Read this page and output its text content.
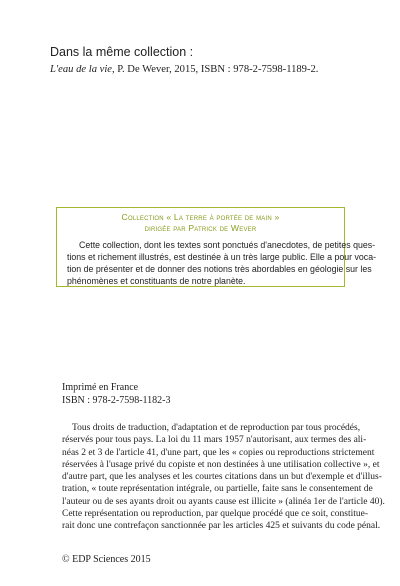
Dans la même collection :
L'eau de la vie, P. De Wever, 2015, ISBN : 978-2-7598-1189-2.
Collection « La terre à portée de main »
dirigée par Patrick de Wever
Cette collection, dont les textes sont ponctués d'anecdotes, de petites ques-
tions et richement illustrés, est destinée à un très large public. Elle a pour voca-
tion de présenter et de donner des notions très abordables en géologie sur les
phénomènes et constituants de notre planète.
Imprimé en France
ISBN : 978-2-7598-1182-3
Tous droits de traduction, d'adaptation et de reproduction par tous procédés,
réservés pour tous pays. La loi du 11 mars 1957 n'autorisant, aux termes des ali-
néas 2 et 3 de l'article 41, d'une part, que les « copies ou reproductions strictement
réservées à l'usage privé du copiste et non destinées à une utilisation collective », et
d'autre part, que les analyses et les courtes citations dans un but d'exemple et d'illus-
tration, « toute représentation intégrale, ou partielle, faite sans le consentement de
l'auteur ou de ses ayants droit ou ayants cause est illicite » (alinéa 1er de l'article 40).
Cette représentation ou reproduction, par quelque procédé que ce soit, constitue-
rait donc une contrefaçon sanctionnée par les articles 425 et suivants du code pénal.
© EDP Sciences 2015
